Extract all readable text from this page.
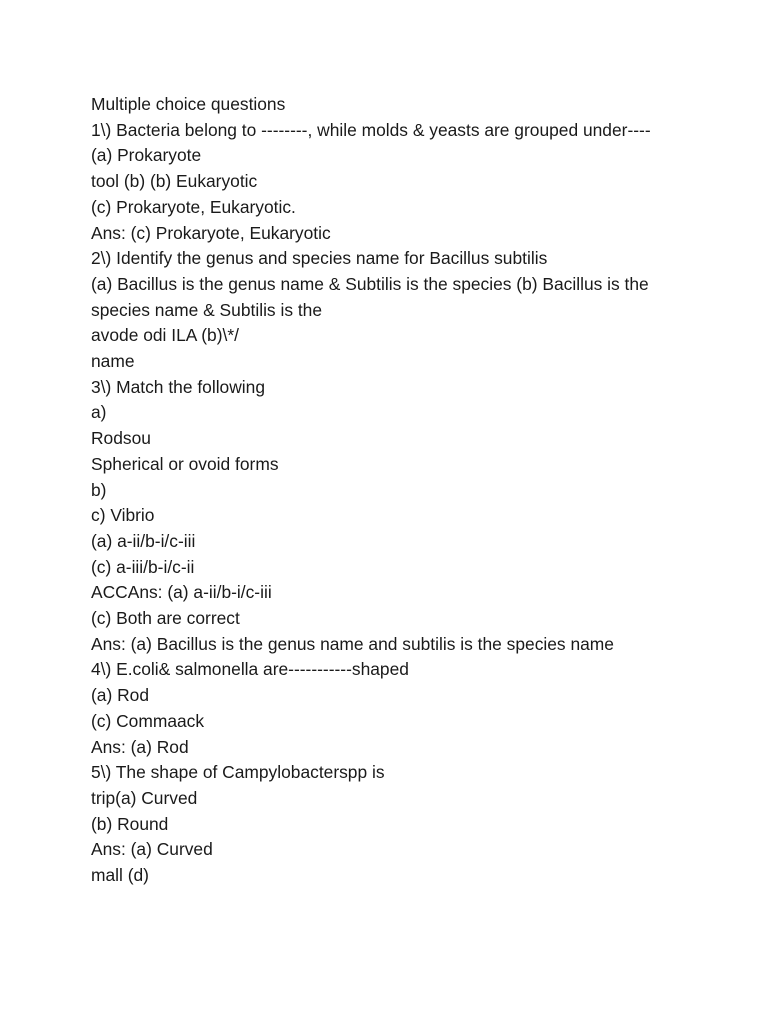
Multiple choice questions
1\) Bacteria belong to --------, while molds & yeasts are grouped under----
(a) Prokaryote
tool (b) (b) Eukaryotic
(c) Prokaryote, Eukaryotic.
Ans: (c) Prokaryote, Eukaryotic
2\) Identify the genus and species name for Bacillus subtilis
(a) Bacillus is the genus name & Subtilis is the species (b) Bacillus is the species name & Subtilis is the
avode odi ILA (b)\*/
name
3\) Match the following
a)
Rodsou
Spherical or ovoid forms
b)
c) Vibrio
(a) a-ii/b-i/c-iii
(c) a-iii/b-i/c-ii
ACCAns: (a) a-ii/b-i/c-iii
(c) Both are correct
Ans: (a) Bacillus is the genus name and subtilis is the species name
4\) E.coli& salmonella are-----------shaped
(a) Rod
(c) Commaack
Ans: (a) Rod
5\) The shape of Campylobacterspp is
trip(a) Curved
(b) Round
Ans: (a) Curved
mall (d)
